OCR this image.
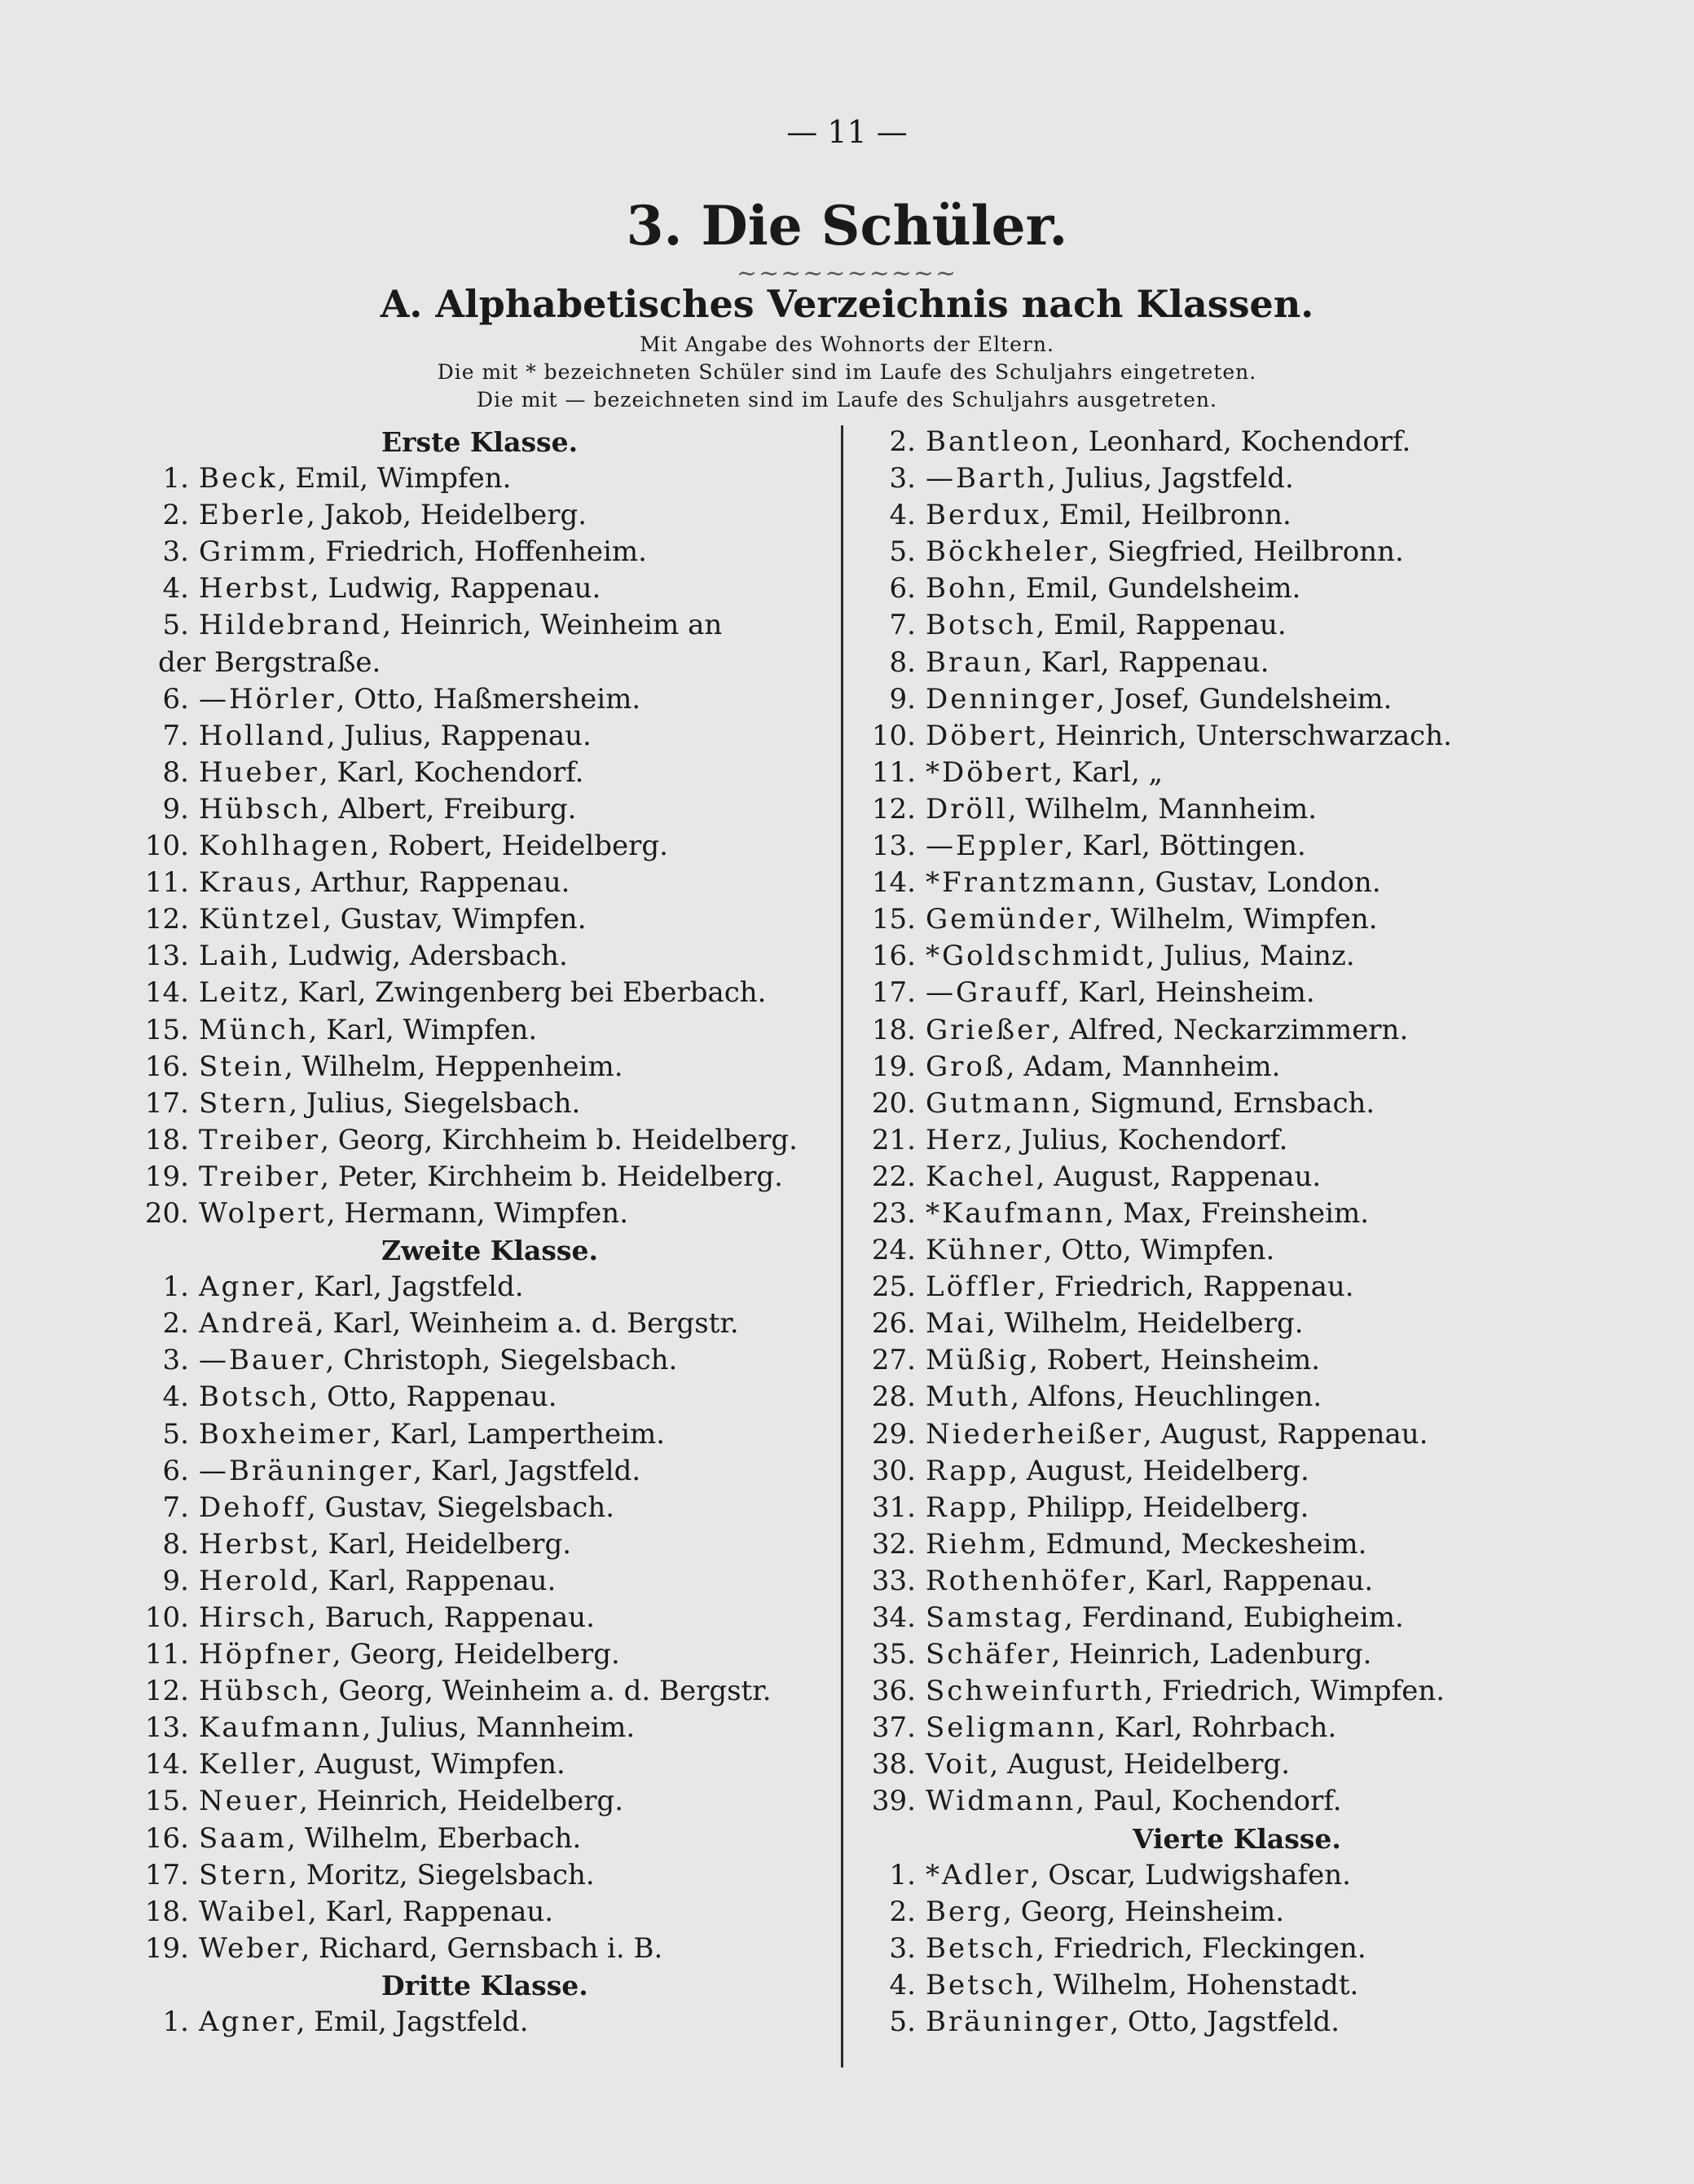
— 11 —
3. Die Schüler.
~~~~~~~~~~
A. Alphabetisches Verzeichnis nach Klassen.
Mit Angabe des Wohnorts der Eltern.
Die mit * bezeichneten Schüler sind im Laufe des Schuljahrs eingetreten.
Die mit — bezeichneten sind im Laufe des Schuljahrs ausgetreten.
Erste Klasse.
1. Beck, Emil, Wimpfen.
2. Eberle, Jakob, Heidelberg.
3. Grimm, Friedrich, Hoffenheim.
4. Herbst, Ludwig, Rappenau.
5. Hildebrand, Heinrich, Weinheim an
der Bergstraße.
6. —Hörler, Otto, Haßmersheim.
7. Holland, Julius, Rappenau.
8. Hueber, Karl, Kochendorf.
9. Hübsch, Albert, Freiburg.
10. Kohlhagen, Robert, Heidelberg.
11. Kraus, Arthur, Rappenau.
12. Küntzel, Gustav, Wimpfen.
13. Laih, Ludwig, Adersbach.
14. Leitz, Karl, Zwingenberg bei Eberbach.
15. Münch, Karl, Wimpfen.
16. Stein, Wilhelm, Heppenheim.
17. Stern, Julius, Siegelsbach.
18. Treiber, Georg, Kirchheim b. Heidelberg.
19. Treiber, Peter, Kirchheim b. Heidelberg.
20. Wolpert, Hermann, Wimpfen.
Zweite Klasse.
1. Agner, Karl, Jagstfeld.
2. Andreä, Karl, Weinheim a. d. Bergstr.
3. —Bauer, Christoph, Siegelsbach.
4. Botsch, Otto, Rappenau.
5. Boxheimer, Karl, Lampertheim.
6. —Bräuninger, Karl, Jagstfeld.
7. Dehoff, Gustav, Siegelsbach.
8. Herbst, Karl, Heidelberg.
9. Herold, Karl, Rappenau.
10. Hirsch, Baruch, Rappenau.
11. Höpfner, Georg, Heidelberg.
12. Hübsch, Georg, Weinheim a. d. Bergstr.
13. Kaufmann, Julius, Mannheim.
14. Keller, August, Wimpfen.
15. Neuer, Heinrich, Heidelberg.
16. Saam, Wilhelm, Eberbach.
17. Stern, Moritz, Siegelsbach.
18. Waibel, Karl, Rappenau.
19. Weber, Richard, Gernsbach i. B.
Dritte Klasse.
1. Agner, Emil, Jagstfeld.
2. Bantleon, Leonhard, Kochendorf.
3. —Barth, Julius, Jagstfeld.
4. Berdux, Emil, Heilbronn.
5. Böckheler, Siegfried, Heilbronn.
6. Bohn, Emil, Gundelsheim.
7. Botsch, Emil, Rappenau.
8. Braun, Karl, Rappenau.
9. Denninger, Josef, Gundelsheim.
10. Döbert, Heinrich, Unterschwarzach.
11. *Döbert, Karl, „
12. Dröll, Wilhelm, Mannheim.
13. —Eppler, Karl, Böttingen.
14. *Frantzmann, Gustav, London.
15. Gemünder, Wilhelm, Wimpfen.
16. *Goldschmidt, Julius, Mainz.
17. —Grauff, Karl, Heinsheim.
18. Grießer, Alfred, Neckarzimmern.
19. Groß, Adam, Mannheim.
20. Gutmann, Sigmund, Ernsbach.
21. Herz, Julius, Kochendorf.
22. Kachel, August, Rappenau.
23. *Kaufmann, Max, Freinsheim.
24. Kühner, Otto, Wimpfen.
25. Löffler, Friedrich, Rappenau.
26. Mai, Wilhelm, Heidelberg.
27. Müßig, Robert, Heinsheim.
28. Muth, Alfons, Heuchlingen.
29. Niederheißer, August, Rappenau.
30. Rapp, August, Heidelberg.
31. Rapp, Philipp, Heidelberg.
32. Riehm, Edmund, Meckesheim.
33. Rothenhöfer, Karl, Rappenau.
34. Samstag, Ferdinand, Eubigheim.
35. Schäfer, Heinrich, Ladenburg.
36. Schweinfurth, Friedrich, Wimpfen.
37. Seligmann, Karl, Rohrbach.
38. Voit, August, Heidelberg.
39. Widmann, Paul, Kochendorf.
Vierte Klasse.
1. *Adler, Oscar, Ludwigshafen.
2. Berg, Georg, Heinsheim.
3. Betsch, Friedrich, Fleckingen.
4. Betsch, Wilhelm, Hohenstadt.
5. Bräuninger, Otto, Jagstfeld.
